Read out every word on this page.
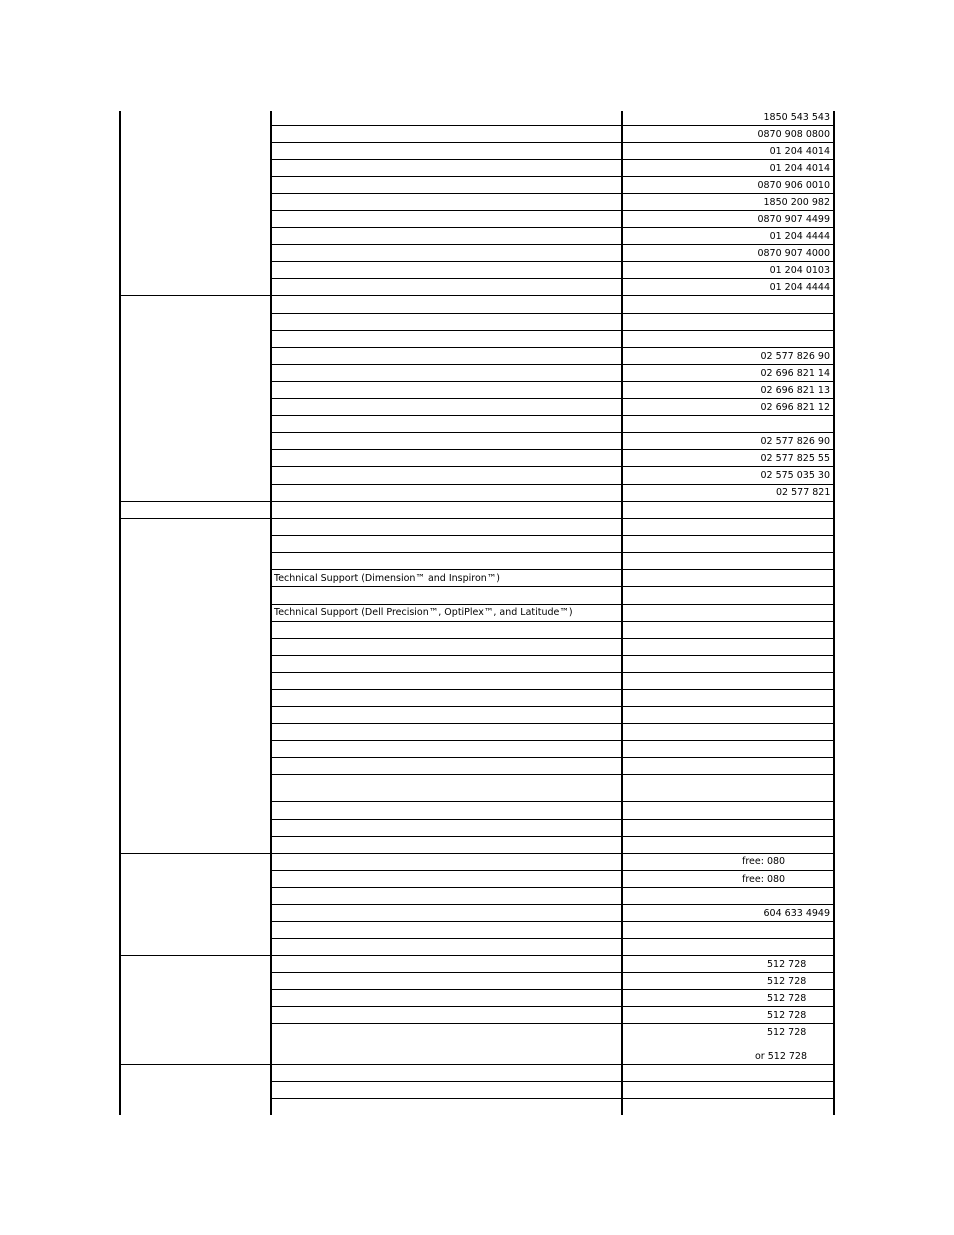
1850 543 543
0870 908 0800
01 204 4014
01 204 4014
0870 906 0010
1850 200 982
0870 907 4499
01 204 4444
0870 907 4000
01 204 0103
01 204 4444
02 577 826 90
02 696 821 14
02 696 821 13
02 696 821 12
02 577 826 90
02 577 825 55
02 575 035 30
02 577 821
Technical Support (Dimension™ and Inspiron™)
Technical Support (Dell Precision™, OptiPlex™, and Latitude™)
free: 080
free: 080
604 633 4949
512 728
512 728
512 728
512 728
512 728
or 512 728
